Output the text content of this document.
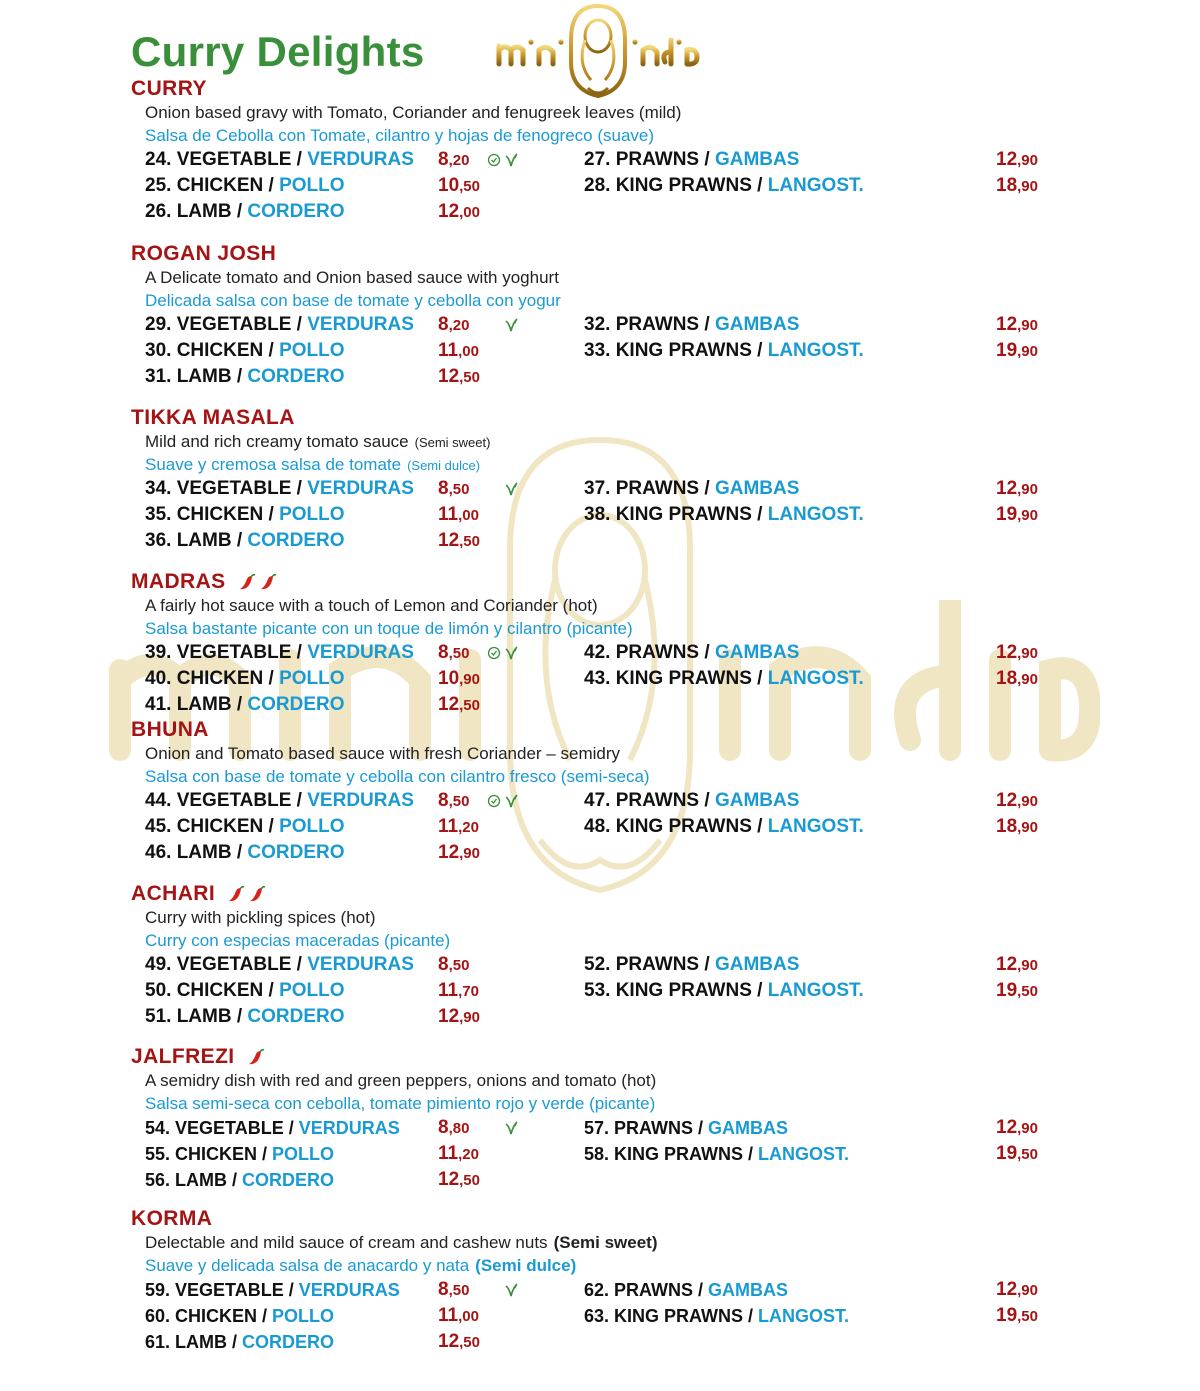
Curry Delights
CURRY
Onion based gravy with Tomato, Coriander and fenugreek leaves (mild)
Salsa de Cebolla con Tomate, cilantro y hojas de fenogreco (suave)
24. VEGETABLE / VERDURAS 8,20
25. CHICKEN / POLLO	10,50
26. LAMB / CORDERO	12,00
27. PRAWNS / GAMBAS	12,90
28. KING PRAWNS / LANGOST.	18,90
ROGAN JOSH
A Delicate tomato and Onion based sauce with yoghurt
Delicada salsa con base de tomate y cebolla con yogur
29. VEGETABLE / VERDURAS 8,20
30. CHICKEN / POLLO	11,00
31. LAMB / CORDERO	12,50
32. PRAWNS / GAMBAS	12,90
33. KING PRAWNS / LANGOST.	19,90
TIKKA MASALA
Mild and rich creamy tomato sauce (Semi sweet)
Suave y cremosa salsa de tomate (Semi dulce)
34. VEGETABLE / VERDURAS 8,50
35. CHICKEN / POLLO	11,00
36. LAMB / CORDERO	12,50
37. PRAWNS / GAMBAS	12,90
38. KING PRAWNS / LANGOST.	19,90
MADRAS
A fairly hot sauce with a touch of Lemon and Coriander (hot)
Salsa bastante picante con un toque de limón y cilantro (picante)
39. VEGETABLE / VERDURAS 8,50
40. CHICKEN / POLLO	10,90
41. LAMB / CORDERO	12,50
42. PRAWNS / GAMBAS	12,90
43. KING PRAWNS / LANGOST.	18,90
BHUNA
Onion and Tomato based sauce with fresh Coriander – semidry
Salsa con base de tomate y cebolla con cilantro fresco (semi-seca)
44. VEGETABLE / VERDURAS 8,50
45. CHICKEN / POLLO	11,20
46. LAMB / CORDERO	12,90
47. PRAWNS / GAMBAS	12,90
48. KING PRAWNS / LANGOST.	18,90
ACHARI
Curry with pickling spices (hot)
Curry con especias maceradas (picante)
49. VEGETABLE / VERDURAS 8,50
50. CHICKEN / POLLO	11,70
51. LAMB / CORDERO	12,90
52. PRAWNS / GAMBAS	12,90
53. KING PRAWNS / LANGOST.	19,50
JALFREZI
A semidry dish with red and green peppers, onions and tomato (hot)
Salsa semi-seca con cebolla, tomate pimiento rojo y verde (picante)
54. VEGETABLE / VERDURAS 8,80
55. CHICKEN / POLLO	11,20
56. LAMB / CORDERO	12,50
57. PRAWNS / GAMBAS	12,90
58. KING PRAWNS / LANGOST.	19,50
KORMA
Delectable and mild sauce of cream and cashew nuts (Semi sweet)
Suave y delicada salsa de anacardo y nata (Semi dulce)
59. VEGETABLE / VERDURAS 8,50
60. CHICKEN / POLLO	11,00
61. LAMB / CORDERO	12,50
62. PRAWNS / GAMBAS	12,90
63. KING PRAWNS / LANGOST.	19,50
